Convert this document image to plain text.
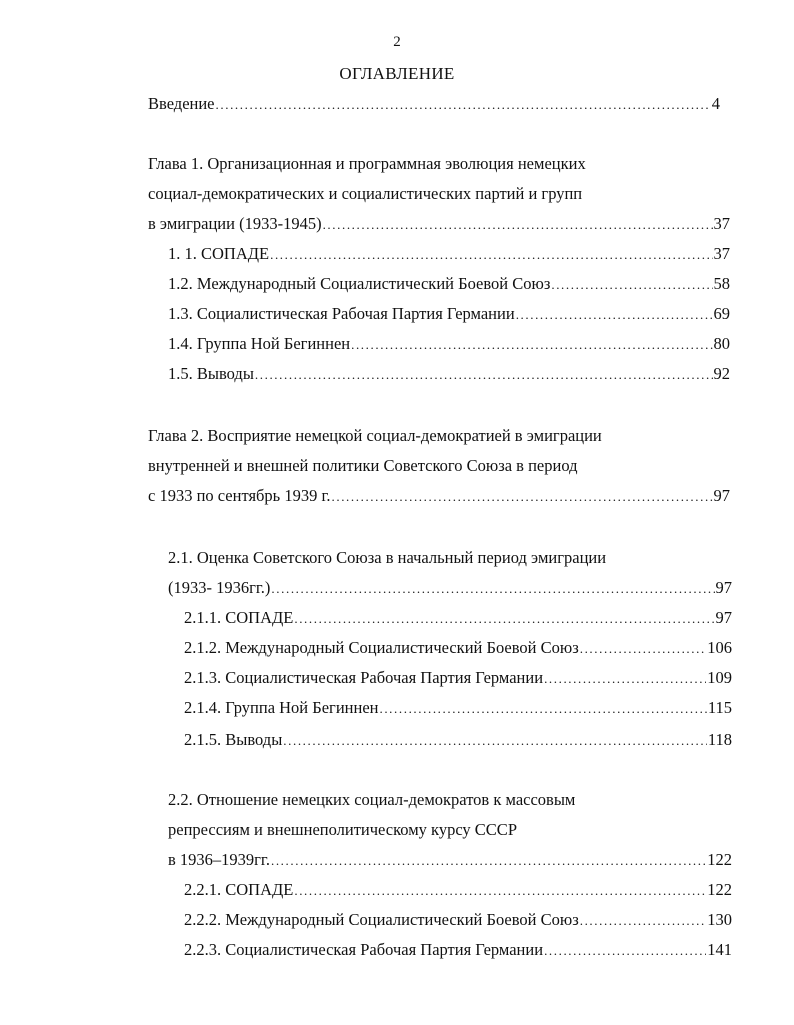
2
ОГЛАВЛЕНИЕ
Введение .....	4
Глава 1. Организационная и программная эволюция немецких
социал-демократических и социалистических партий и групп
в эмиграции (1933-1945) .....	37
1. 1. СОПАДЕ .....	37
1.2. Международный Социалистический Боевой Союз .....	58
1.3. Социалистическая Рабочая Партия Германии .....	69
1.4. Группа Ной Бегиннен .....	80
1.5. Выводы .....	92
Глава 2. Восприятие немецкой социал-демократией в эмиграции
внутренней и внешней политики Советского Союза в период
с 1933 по сентябрь 1939 г. .....	97
2.1. Оценка Советского Союза в начальный период эмиграции
(1933- 1936гг.) .....	97
2.1.1. СОПАДЕ .....	97
2.1.2. Международный Социалистический Боевой Союз .....	106
2.1.3. Социалистическая Рабочая Партия Германии .....	109
2.1.4. Группа Ной Бегиннен .....	115
2.1.5. Выводы .....	118
2.2. Отношение немецких социал-демократов к массовым
репрессиям и внешнеполитическому курсу СССР
в 1936–1939гг. .....	122
2.2.1. СОПАДЕ .....	122
2.2.2. Международный Социалистический Боевой Союз .....	130
2.2.3. Социалистическая Рабочая Партия Германии .....	141
